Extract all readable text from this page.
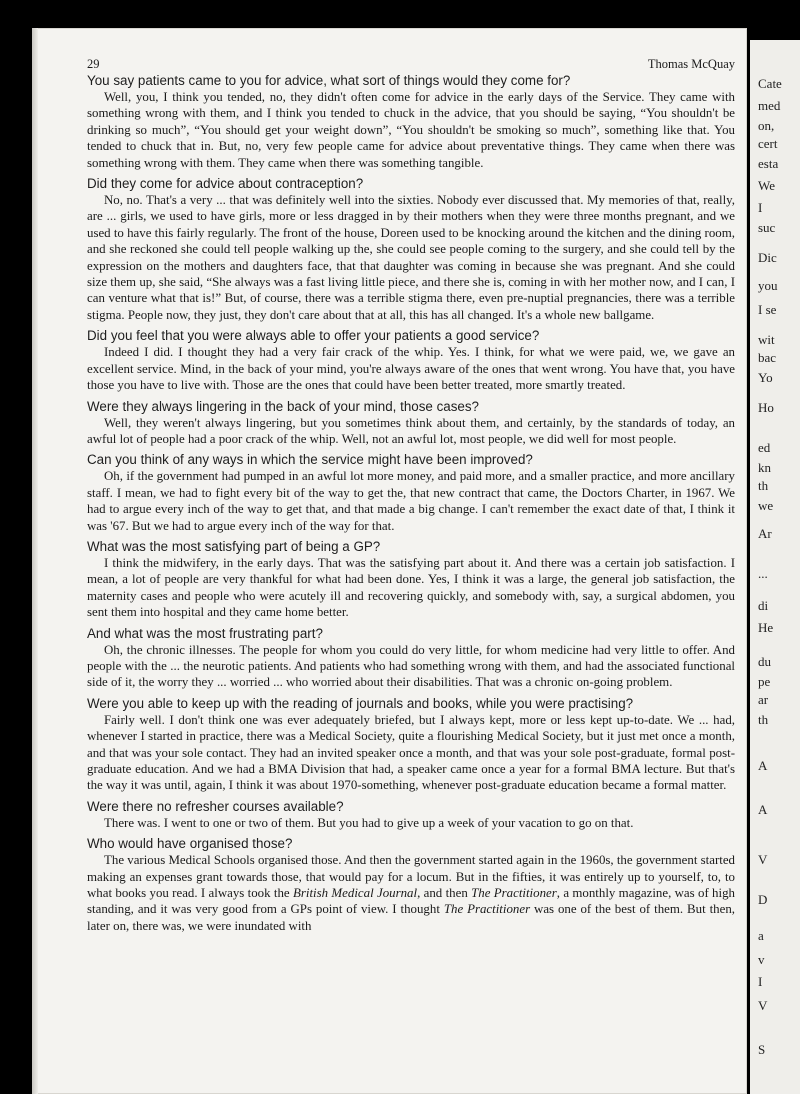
Cate
med
on,
cert
esta
We
I
suc
Dic
you
I se
wit
bac
Yo
Ho
ed
kn
th
we
Ar
...
di
He
du
pe
ar
th
A
A
V
D
a
v
I
V
S
29	Thomas McQuay

You say patients came to you for advice, what sort of things would they come for?

Well, you, I think you tended, no, they didn't often come for advice in the early days of the Service. They came with something wrong with them, and I think you tended to chuck in the advice, that you should be saying, “You shouldn't be drinking so much”, “You should get your weight down”, “You shouldn't be smoking so much”, something like that. You tended to chuck that in. But, no, very few people came for advice about preventative things. They came when there was something wrong with them. They came when there was something tangible.

Did they come for advice about contraception?

No, no. That's a very ... that was definitely well into the sixties. Nobody ever discussed that. My memories of that, really, are ... girls, we used to have girls, more or less dragged in by their mothers when they were three months pregnant, and we used to have this fairly regularly. The front of the house, Doreen used to be knocking around the kitchen and the dining room, and she reckoned she could tell people walking up the, she could see people coming to the surgery, and she could tell by the expression on the mothers and daughters face, that that daughter was coming in because she was pregnant. And she could size them up, she said, “She always was a fast living little piece, and there she is, coming in with her mother now, and I can, I can venture what that is!” But, of course, there was a terrible stigma there, even pre-nuptial pregnancies, there was a terrible stigma. People now, they just, they don't care about that at all, this has all changed. It's a whole new ballgame.

Did you feel that you were always able to offer your patients a good service?

Indeed I did. I thought they had a very fair crack of the whip. Yes. I think, for what we were paid, we, we gave an excellent service. Mind, in the back of your mind, you're always aware of the ones that went wrong. You have that, you have those you have to live with. Those are the ones that could have been better treated, more smartly treated.

Were they always lingering in the back of your mind, those cases?

Well, they weren't always lingering, but you sometimes think about them, and certainly, by the standards of today, an awful lot of people had a poor crack of the whip. Well, not an awful lot, most people, we did well for most people.

Can you think of any ways in which the service might have been improved?

Oh, if the government had pumped in an awful lot more money, and paid more, and a smaller practice, and more ancillary staff. I mean, we had to fight every bit of the way to get the, that new contract that came, the Doctors Charter, in 1967. We had to argue every inch of the way to get that, and that made a big change. I can't remember the exact date of that, I think it was '67. But we had to argue every inch of the way for that.

What was the most satisfying part of being a GP?

I think the midwifery, in the early days. That was the satisfying part about it. And there was a certain job satisfaction. I mean, a lot of people are very thankful for what had been done. Yes, I think it was a large, the general job satisfaction, the maternity cases and people who were acutely ill and recovering quickly, and somebody with, say, a surgical abdomen, you sent them into hospital and they came home better.

And what was the most frustrating part?

Oh, the chronic illnesses. The people for whom you could do very little, for whom medicine had very little to offer. And people with the ... the neurotic patients. And patients who had something wrong with them, and had the associated functional side of it, the worry they ... worried ... who worried about their disabilities. That was a chronic on-going problem.

Were you able to keep up with the reading of journals and books, while you were practising?

Fairly well. I don't think one was ever adequately briefed, but I always kept, more or less kept up-to-date. We ... had, whenever I started in practice, there was a Medical Society, quite a flourishing Medical Society, but it just met once a month, and that was your sole contact. They had an invited speaker once a month, and that was your sole post-graduate, formal post-graduate education. And we had a BMA Division that had, a speaker came once a year for a formal BMA lecture. But that's the way it was until, again, I think it was about 1970-something, whenever post-graduate education became a formal matter.

Were there no refresher courses available?

There was. I went to one or two of them. But you had to give up a week of your vacation to go on that.

Who would have organised those?

The various Medical Schools organised those. And then the government started again in the 1960s, the government started making an expenses grant towards those, that would pay for a locum. But in the fifties, it was entirely up to yourself, to, to what books you read. I always took the British Medical Journal, and then The Practitioner, a monthly magazine, was of high standing, and it was very good from a GPs point of view. I thought The Practitioner was one of the best of them. But then, later on, there was, we were inundated with
